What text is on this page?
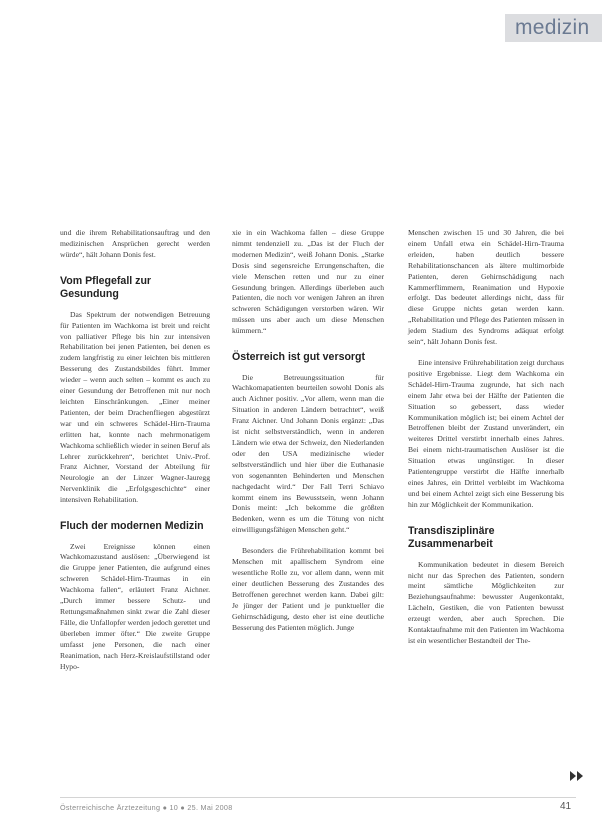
medizin

und die ihrem Rehabilitationsauftrag und den medizinischen Ansprüchen gerecht werden würde“, hält Johann Donis fest.

Vom Pflegefall zur Gesundung

Das Spektrum der notwendigen Betreuung für Patienten im Wachkoma ist breit und reicht von palliativer Pflege bis hin zur intensiven Rehabilitation bei jenen Patienten, bei denen es zudem langfristig zu einer leichten bis mittleren Besserung des Zustandsbildes führt. Immer wieder – wenn auch selten – kommt es auch zu einer Gesundung der Betroffenen mit nur noch leichten Einschränkungen. „Einer meiner Patienten, der beim Drachenfliegen abgestürzt war und ein schweres Schädel-Hirn-Trauma erlitten hat, konnte nach mehrmonatigem Wachkoma schließlich wieder in seinen Beruf als Lehrer zurückkehren“, berichtet Univ.-Prof. Franz Aichner, Vorstand der Abteilung für Neurologie an der Linzer Wagner-Jauregg Nervenklinik die „Erfolgsgeschichte“ einer intensiven Rehabilitation.

Fluch der modernen Medizin

Zwei Ereignisse können einen Wachkomazustand auslösen: „Überwiegend ist die Gruppe jener Patienten, die aufgrund eines schweren Schädel-Hirn-Traumas in ein Wachkoma fallen“, erläutert Franz Aichner. „Durch immer bessere Schutz- und Rettungsmaßnahmen sinkt zwar die Zahl dieser Fälle, die Unfallopfer werden jedoch gerettet und überleben immer öfter.“ Die zweite Gruppe umfasst jene Personen, die nach einer Reanimation, nach Herz-Kreislaufstillstand oder Hypo-

xie in ein Wachkoma fallen – diese Gruppe nimmt tendenziell zu. „Das ist der Fluch der modernen Medizin“, weiß Johann Donis. „Starke Dosis sind segensreiche Errungenschaften, die viele Menschen retten und nur zu einer Gesundung bringen. Allerdings überleben auch Patienten, die noch vor wenigen Jahren an ihren schweren Schädigungen verstorben wären. Wir müssen uns aber auch um diese Menschen kümmern.“

Österreich ist gut versorgt

Die Betreuungssituation für Wachkomapatienten beurteilen sowohl Donis als auch Aichner positiv. „Vor allem, wenn man die Situation in anderen Ländern betrachtet“, weiß Franz Aichner. Und Johann Donis ergänzt: „Das ist nicht selbstverständlich, wenn in anderen Ländern wie etwa der Schweiz, den Niederlanden oder den USA medizinische wieder selbstverständlich und hier über die Euthanasie von sogenannten Behinderten und Menschen nachgedacht wird.“ Der Fall Terri Schiavo kommt einem ins Bewusstsein, wenn Johann Donis meint: „Ich bekomme die größten Bedenken, wenn es um die Tötung von nicht einwilligungsfähigen Menschen geht.“

Besonders die Frührehabilitation kommt bei Menschen mit apallischem Syndrom eine wesentliche Rolle zu, vor allem dann, wenn mit einer deutlichen Besserung des Zustandes des Betroffenen gerechnet werden kann. Dabei gilt: Je jünger der Patient und je punktueller die Gehirnschädigung, desto eher ist eine deutliche Besserung des Patienten möglich. Junge

Menschen zwischen 15 und 30 Jahren, die bei einem Unfall etwa ein Schädel-Hirn-Trauma erleiden, haben deutlich bessere Rehabilitationschancen als ältere multimorbide Patienten, deren Gehirnschädigung nach Kammerflimmern, Reanimation und Hypoxie erfolgt. Das bedeutet allerdings nicht, dass für diese Gruppe nichts getan werden kann. „Rehabilitation und Pflege des Patienten müssen in jedem Stadium des Syndroms adäquat erfolgt sein“, hält Johann Donis fest.

Eine intensive Frührehabilitation zeigt durchaus positive Ergebnisse. Liegt dem Wachkoma ein Schädel-Hirn-Trauma zugrunde, hat sich nach einem Jahr etwa bei der Hälfte der Patienten die Situation so gebessert, dass wieder Kommunikation möglich ist; bei einem Achtel der Betroffenen bleibt der Zustand unverändert, ein weiteres Drittel verstirbt innerhalb eines Jahres. Bei einem nicht-traumatischen Auslöser ist die Situation etwas ungünstiger. In dieser Patientengruppe verstirbt die Hälfte innerhalb eines Jahres, ein Drittel verbleibt im Wachkoma und bei einem Achtel zeigt sich eine Besserung bis hin zur Möglichkeit der Kommunikation.

Transdisziplinäre Zusammenarbeit

Kommunikation bedeutet in diesem Bereich nicht nur das Sprechen des Patienten, sondern meint sämtliche Möglichkeiten zur Beziehungsaufnahme: bewusster Augenkontakt, Lächeln, Gestiken, die von Patienten bewusst erzeugt werden, aber auch Sprechen. Die Kontaktaufnahme mit den Patienten im Wachkoma ist ein wesentlicher Bestandteil der The-

Österreichische Ärztezeitung ● 10 ● 25. Mai 2008	41
